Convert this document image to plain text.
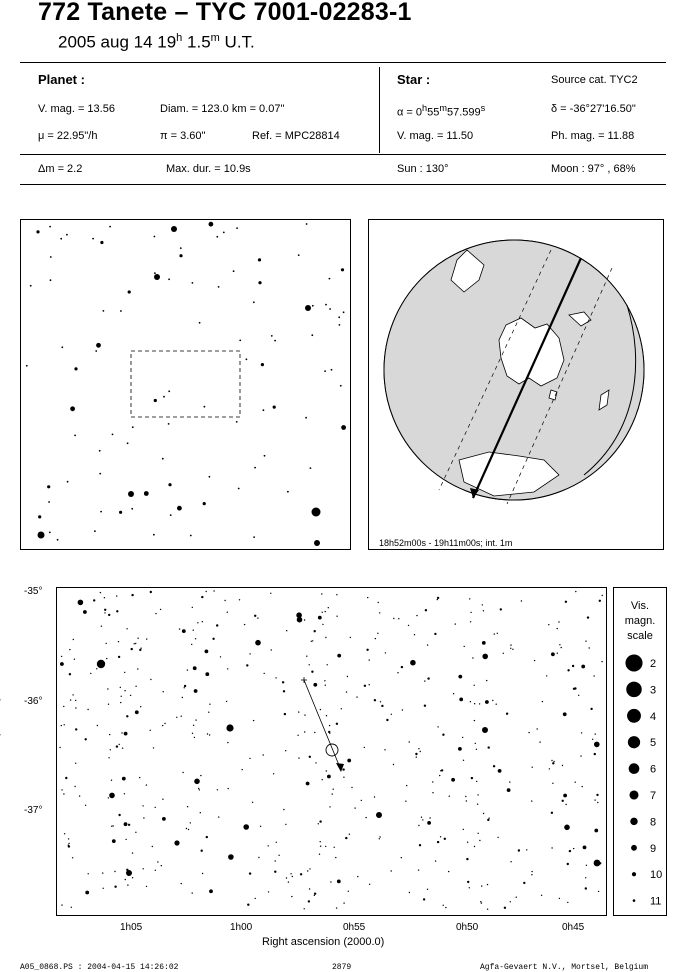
772 Tanete – TYC 7001-02283-1
2005 aug 14 19$^h$ 1.5$^m$ U.T.
Planet :
V. mag. = 13.56	Diam. = 123.0 km = 0.07"
μ = 22.95"/h	π = 3.60"	Ref. = MPC28814
Δm = 2.2	Max. dur. = 10.9s
Star :	Source cat. TYC2
$\alpha = 0^h55^m57.599^s$	δ = -36°27'16.50"
V. mag. = 11.50	Ph. mag. = 11.88
Sun : 130°	Moon : 97° , 68%
18h52m00s - 19h11m00s; int. 1m
-35°
-36°
-37°
1h05	1h00	0h55	0h50	0h45
Right ascension (2000.0)
Vis.
magn.
scale
2
3
4
5
6
7
8
9
10
11
A05_0868.PS : 2004-04-15 14:26:02	2879	Agfa-Gevaert N.V., Mortsel, Belgium
